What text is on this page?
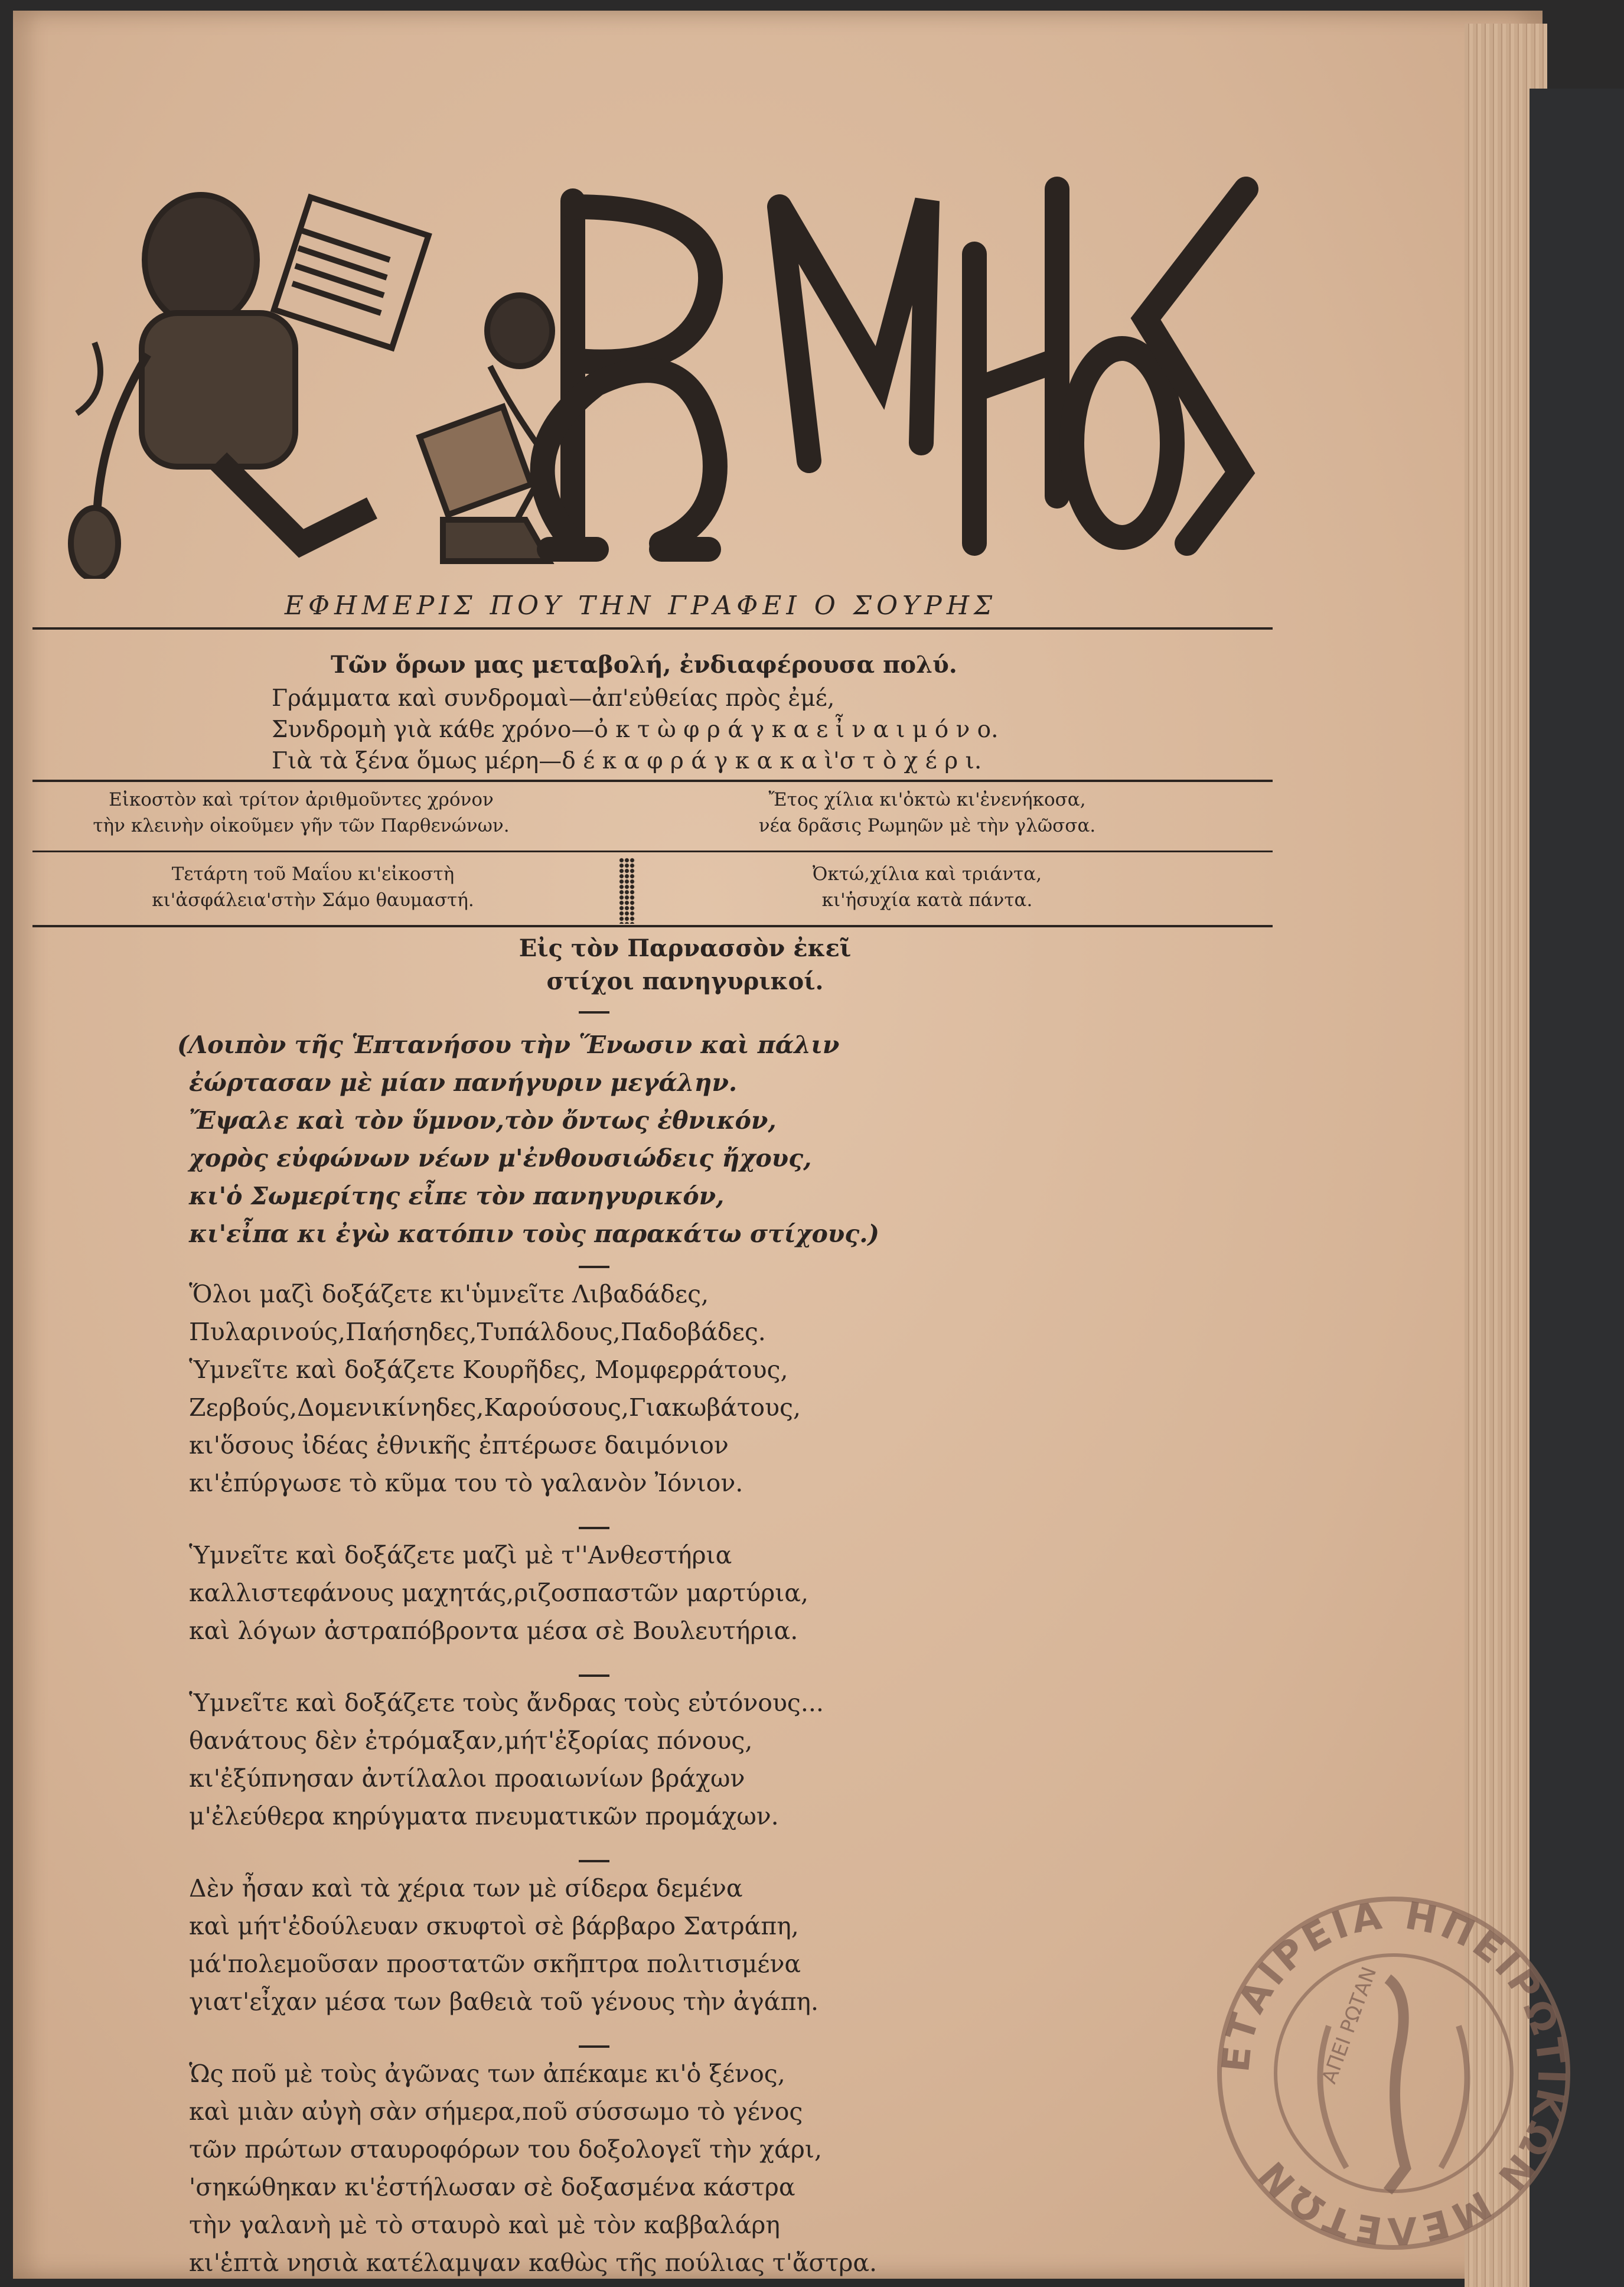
ΕΦΗΜΕΡΙΣ ΠΟΥ ΤΗΝ ΓΡΑΦΕΙ Ο ΣΟΥΡΗΣ
Τῶν ὅρων μας μεταβολή, ἐνδιαφέρουσα πολύ.
Γράμματα καὶ συνδρομαὶ—ἀπ'εὐθείας πρὸς ἐμέ,
Συνδρομὴ γιὰ κάθε χρόνο—ὀ κ τ ὼ φ ρ ά γ κ α ε ἶ ν α ι μ ό ν ο.
Γιὰ τὰ ξένα ὅμως μέρη—δ έ κ α φ ρ ά γ κ α κ α ὶ'σ τ ὸ χ έ ρ ι.
Εἰκοστὸν καὶ τρίτον ἀριθμοῦντες χρόνον
τὴν κλεινὴν οἰκοῦμεν γῆν τῶν Παρθενώνων.
Ἔτος χίλια κι'ὀκτὼ κι'ἐνενήκοσα,
νέα δρᾶσις Ρωμηῶν μὲ τὴν γλῶσσα.
Τετάρτη τοῦ Μαΐου κι'εἰκοστὴ
κι'ἀσφάλεια'στὴν Σάμο θαυμαστή.
Ὀκτώ,χίλια καὶ τριάντα,
κι'ἡσυχία κατὰ πάντα.
Εἰς τὸν Παρνασσὸν ἐκεῖ
στίχοι πανηγυρικοί.
(Λοιπὸν τῆς Ἑπτανήσου τὴν Ἕνωσιν καὶ πάλιν
ἐώρτασαν μὲ μίαν πανήγυριν μεγάλην.
Ἔψαλε καὶ τὸν ὕμνον,τὸν ὄντως ἐθνικόν,
χορὸς εὐφώνων νέων μ'ἐνθουσιώδεις ἤχους,
κι'ὁ Σωμερίτης εἶπε τὸν πανηγυρικόν,
κι'εἶπα κι ἐγὼ κατόπιν τοὺς παρακάτω στίχους.)
Ὅλοι μαζὶ δοξάζετε κι'ὑμνεῖτε Λιβαδάδες,
Πυλαρινούς,Παήσηδες,Τυπάλδους,Παδοβάδες.
Ὑμνεῖτε καὶ δοξάζετε Κουρῆδες, Μομφερράτους,
Ζερβούς,Δομενικίνηδες,Καρούσους,Γιακωβάτους,
κι'ὅσους ἰδέας ἐθνικῆς ἐπτέρωσε δαιμόνιον
κι'ἐπύργωσε τὸ κῦμα του τὸ γαλανὸν Ἰόνιον.
Ὑμνεῖτε καὶ δοξάζετε μαζὶ μὲ τ''Ανθεστήρια
καλλιστεφάνους μαχητάς,ριζοσπαστῶν μαρτύρια,
καὶ λόγων ἀστραπόβροντα μέσα σὲ Βουλευτήρια.
Ὑμνεῖτε καὶ δοξάζετε τοὺς ἄνδρας τοὺς εὐτόνους...
θανάτους δὲν ἐτρόμαξαν,μήτ'ἐξορίας πόνους,
κι'ἐξύπνησαν ἀντίλαλοι προαιωνίων βράχων
μ'ἐλεύθερα κηρύγματα πνευματικῶν προμάχων.
Δὲν ἦσαν καὶ τὰ χέρια των μὲ σίδερα δεμένα
καὶ μήτ'ἐδούλευαν σκυφτοὶ σὲ βάρβαρο Σατράπη,
μά'πολεμοῦσαν προστατῶν σκῆπτρα πολιτισμένα
γιατ'εἶχαν μέσα των βαθειὰ τοῦ γένους τὴν ἀγάπη.
Ὡς ποῦ μὲ τοὺς ἀγῶνας των ἀπέκαμε κι'ὁ ξένος,
καὶ μιὰν αὐγὴ σὰν σήμερα,ποῦ σύσσωμο τὸ γένος
τῶν πρώτων σταυροφόρων του δοξολογεῖ τὴν χάρι,
'σηκώθηκαν κι'ἐστήλωσαν σὲ δοξασμένα κάστρα
τὴν γαλανὴ μὲ τὸ σταυρὸ καὶ μὲ τὸν καββαλάρη
κι'ἑπτὰ νησιὰ κατέλαμψαν καθὼς τῆς πούλιας τ'ἄστρα.
ΕΤΑΙΡΕΙΑ ΗΠΕΙΡΩΤΙΚΩΝ ΜΕΛΕΤΩΝ
ΑΠΕΙ ΡΩΤΑΝ
